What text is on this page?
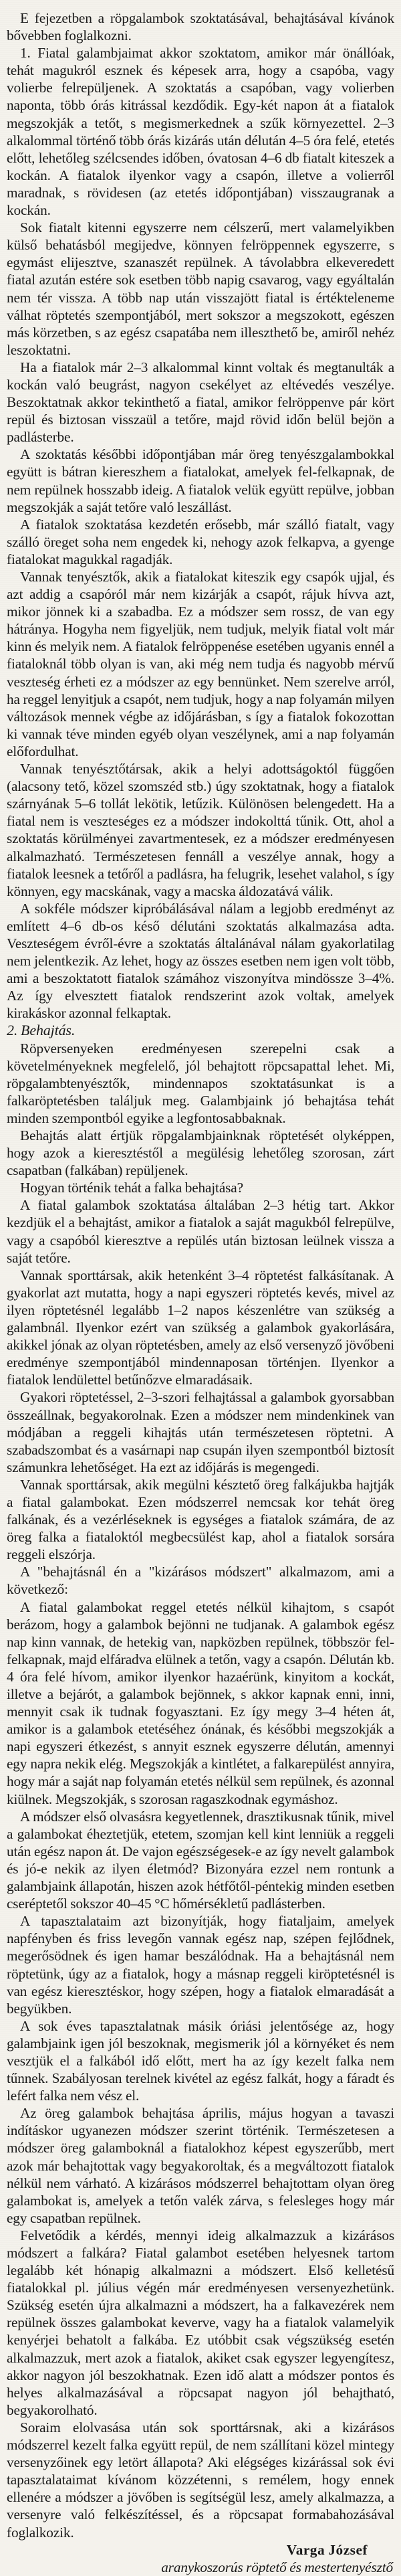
E fejezetben a röpgalambok szoktatásával, behajtásával kívánok bővebben foglalkozni.

1. Fiatal galambjaimat akkor szoktatom, amikor már önállóak, tehát magukról esznek és képesek arra, hogy a csapóba, vagy volierbe felrepüljenek. A szoktatás a csapóban, vagy volierben naponta, több órás kitrással kezdődik. Egy-két napon át a fiatalok megszokják a tetőt, s megismerkednek a szűk környezettel. 2–3 alkalommal történő több órás kizárás után délután 4–5 óra felé, etetés előtt, lehetőleg szélcsendes időben, óvatosan 4–6 db fiatalt kiteszek a kockán. A fiatalok ilyenkor vagy a csapón, illetve a volierről maradnak, s rövidesen (az etetés időpontjában) visszaugranak a kockán.

Sok fiatalt kitenni egyszerre nem célszerű, mert valamelyikben külső behatásból megijedve, könnyen felröppennek egyszerre, s egymást elijesztve, szanaszét repülnek. A távolabbra elkeveredett fiatal azután estére sok esetben több napig csavarog, vagy egyáltalán nem tér vissza. A több nap után visszajött fiatal is értékteleneme válhat röptetés szempontjából, mert sokszor a megszokott, egészen más körzetben, s az egész csapatába nem illeszthető be, amiről nehéz leszoktatni.

Ha a fiatalok már 2–3 alkalommal kinnt voltak és megtanulták a kockán való beugrást, nagyon csekélyet az eltévedés veszélye. Beszoktatnak akkor tekinthető a fiatal, amikor felröppenve pár kört repül és biztosan visszaül a tetőre, majd rövid időn belül bejön a padlásterbe.

A szoktatás későbbi időpontjában már öreg tenyészgalambokkal együtt is bátran kiereszhem a fiatalokat, amelyek fel-felkapnak, de nem repülnek hosszabb ideig. A fiatalok velük együtt repülve, jobban megszokják a saját tetőre való leszállást.

A fiatalok szoktatása kezdetén erősebb, már szálló fiatalt, vagy szálló öreget soha nem engedek ki, nehogy azok felkapva, a gyenge fiatalokat magukkal ragadják.

Vannak tenyésztők, akik a fiatalokat kiteszik egy csapók ujjal, és azt addig a csapóról már nem kizárják a csapót, rájuk hívva azt, mikor jönnek ki a szabadba. Ez a módszer sem rossz, de van egy hátránya. Hogyha nem figyeljük, nem tudjuk, melyik fiatal volt már kinn és melyik nem. A fiatalok felröppenése esetében ugyanis ennél a fiataloknál több olyan is van, aki még nem tudja és nagyobb mérvű veszteség érheti ez a módszer az egy bennünket. Nem szerelve arról, ha reggel lenyitjuk a csapót, nem tudjuk, hogy a nap folyamán milyen változások mennek végbe az időjárásban, s így a fiatalok fokozottan ki vannak téve minden egyéb olyan veszélynek, ami a nap folyamán előfordulhat.

Vannak tenyésztőtársak, akik a helyi adottságoktól függően (alacsony tető, közel szomszéd stb.) úgy szoktatnak, hogy a fiatalok szárnyának 5–6 tollát lekötik, letűzik. Különösen belengedett. Ha a fiatal nem is veszteséges ez a módszer indokolttá tűnik. Ott, ahol a szoktatás körülményei zavartmentesek, ez a módszer eredményesen alkalmazható. Természetesen fennáll a veszélye annak, hogy a fiatalok leesnek a tetőről a padlásra, ha felugrik, lesehet valahol, s így könnyen, egy macskának, vagy a macska áldozatává válik.

A sokféle módszer kipróbálásával nálam a legjobb eredményt az említett 4–6 db-os késő délutáni szoktatás alkalmazása adta. Veszteségem évről-évre a szoktatás általánával nálam gyakorlatilag nem jelentkezik. Az lehet, hogy az összes esetben nem igen volt több, ami a beszoktatott fiatalok számához viszonyítva mindössze 3–4%. Az így elvesztett fiatalok rendszerint azok voltak, amelyek kirakáskor azonnal felkaptak.

2. Behajtás.

Röpversenyeken eredményesen szerepelni csak a követelményeknek megfelelő, jól behajtott röpcsapattal lehet. Mi, röpgalambtenyésztők, mindennapos szoktatásunkat is a falkaröptetésben találjuk meg. Galambjaink jó behajtása tehát minden szempontból egyike a legfontosabbaknak.

Behajtás alatt értjük röpgalambjainknak röptetését olyképpen, hogy azok a kieresztéstől a megülésig lehetőleg szorosan, zárt csapatban (falkában) repüljenek.

Hogyan történik tehát a falka behajtása?

A fiatal galambok szoktatása általában 2–3 hétig tart. Akkor kezdjük el a behajtást, amikor a fiatalok a saját magukból felrepülve, vagy a csapóból kieresztve a repülés után biztosan leülnek vissza a saját tetőre.

Vannak sporttársak, akik hetenként 3–4 röptetést falkásítanak. A gyakorlat azt mutatta, hogy a napi egyszeri röptetés kevés, mivel az ilyen röptetésnél legalább 1–2 napos készenlétre van szükség a galambnál. Ilyenkor ezért van szükség a galambok gyakorlására, akikkel jónak az olyan röptetésben, amely az első versenyző jövőbeni eredménye szempontjából mindennaposan történjen. Ilyenkor a fiatalok lendülettel betűnőzve elmaradásaik.

Gyakori röptetéssel, 2–3-szori felhajtással a galambok gyorsabban összeállnak, begyakorolnak. Ezen a módszer nem mindenkinek van módjában a reggeli kihajtás után természetesen röptetni. A szabadszombat és a vasárnapi nap csupán ilyen szempontból biztosít számunkra lehetőséget. Ha ezt az időjárás is megengedi.

Vannak sporttársak, akik megülni késztető öreg falkájukba hajtják a fiatal galambokat. Ezen módszerrel nemcsak kor tehát öreg falkának, és a vezérléseknek is egységes a fiatalok számára, de az öreg falka a fiataloktól megbecsülést kap, ahol a fiatalok sorsára reggeli elszórja.

A "behajtásnál én a "kizárásos módszert" alkalmazom, ami a következő:

A fiatal galambokat reggel etetés nélkül kihajtom, s csapót berázom, hogy a galambok bejönni ne tudjanak. A galambok egész nap kinn vannak, de hetekig van, napközben repülnek, többször fel-felkapnak, majd elfáradva elülnek a tetőn, vagy a csapón. Délután kb. 4 óra felé hívom, amikor ilyenkor hazaérünk, kinyitom a kockát, illetve a bejárót, a galambok bejönnek, s akkor kapnak enni, inni, mennyit csak ik tudnak fogyasztani. Ez így megy 3–4 héten át, amikor is a galambok etetéséhez ónának, és későbbi megszokják a napi egyszeri étkezést, s annyit esznek egyszerre délután, amennyi egy napra nekik elég. Megszokják a kintlétet, a falkarepülést annyira, hogy már a saját nap folyamán etetés nélkül sem repülnek, és azonnal kiülnek. Megszokják, s szorosan ragaszkodnak egymáshoz.

A módszer első olvasásra kegyetlennek, drasztikusnak tűnik, mivel a galambokat éheztetjük, etetem, szomjan kell kint lenniük a reggeli után egész napon át. De vajon egészségesek-e az így nevelt galambok és jó-e nekik az ilyen életmód? Bizonyára ezzel nem rontunk a galambjaink állapotán, hiszen azok hétfőtől-péntekig minden esetben cseréptetől sokszor 40–45 °C hőmérsékletű padlásterben.

A tapasztalataim azt bizonyítják, hogy fiataljaim, amelyek napfényben és friss levegőn vannak egész nap, szépen fejlődnek, megerősödnek és igen hamar beszálódnak. Ha a behajtásnál nem röptetünk, úgy az a fiatalok, hogy a másnap reggeli kiröptetésnél is van egész kieresztéskor, hogy szépen, hogy a fiatalok elmaradását a begyükben.

A sok éves tapasztalatnak másik óriási jelentősége az, hogy galambjaink igen jól beszoknak, megismerik jól a környéket és nem vesztjük el a falkából idő előtt, mert ha az így kezelt falka nem tűnnek. Szabályosan terelnek kivétel az egész falkát, hogy a fáradt és lefért falka nem vész el.

Az öreg galambok behajtása április, május hogyan a tavaszi indításkor ugyanezen módszer szerint történik. Természetesen a módszer öreg galamboknál a fiatalokhoz képest egyszerűbb, mert azok már behajtottak vagy begyakoroltak, és a megváltozott fiatalok nélkül nem várható. A kizárásos módszerrel behajtottam olyan öreg galambokat is, amelyek a tetőn valék zárva, s felesleges hogy már egy csapatban repülnek.

Felvetődik a kérdés, mennyi ideig alkalmazzuk a kizárásos módszert a falkára? Fiatal galambot esetében helyesnek tartom legalább két hónapig alkalmazni a módszert. Első kelletésű fiatalokkal pl. július végén már eredményesen versenyezhetünk. Szükség esetén újra alkalmazni a módszert, ha a falkavezérek nem repülnek összes galambokat keverve, vagy ha a fiatalok valamelyik kenyérjei behatolt a falkába. Ez utóbbit csak végszükség esetén alkalmazzuk, mert azok a fiatalok, akiket csak egyszer legyengítesz, akkor nagyon jól beszokhatnak. Ezen idő alatt a módszer pontos és helyes alkalmazásával a röpcsapat nagyon jól behajtható, begyakorolható.

Soraim elolvasása után sok sporttársnak, aki a kizárásos módszerrel kezelt falka együtt repül, de nem szállítani közel mintegy versenyzőinek egy letört állapota? Aki elégséges kizárással sok évi tapasztalataimat kívánom közzétenni, s remélem, hogy ennek ellenére a módszer a jövőben is segítségül lesz, amely alkalmazza, a versenyre való felkészítéssel, és a röpcsapat formabahozásával foglalkozik.

Varga József

aranykoszorús röptető és mestertenyésztő
